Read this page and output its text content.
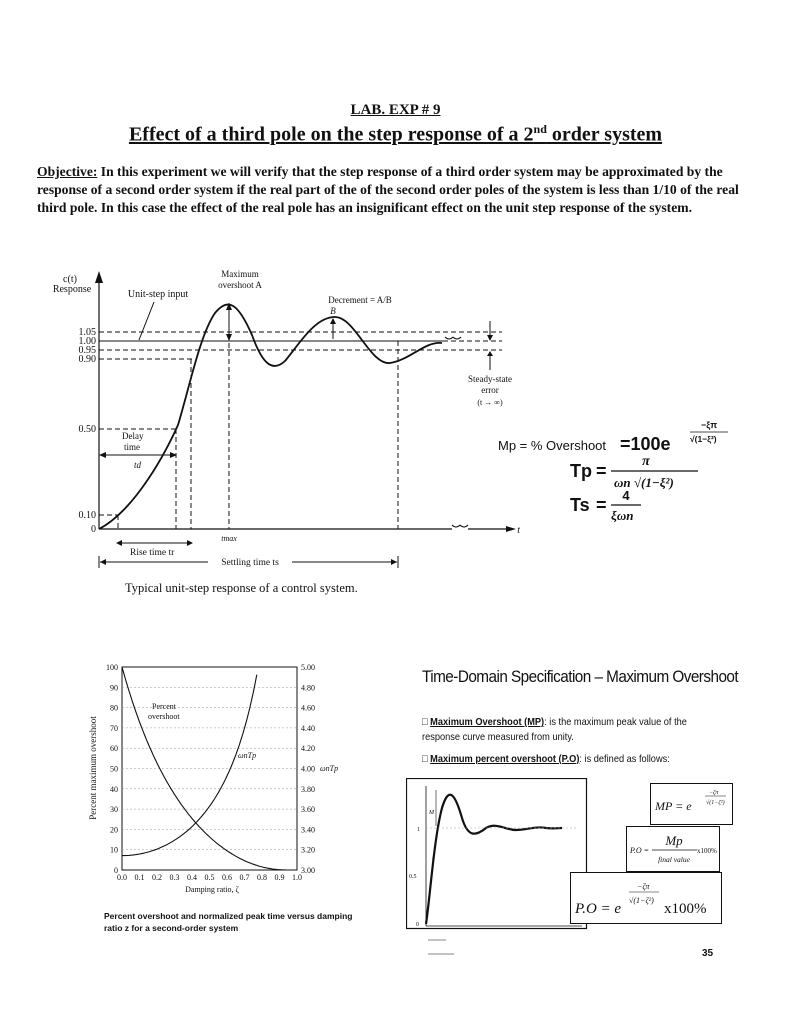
LAB. EXP # 9
Effect of a third pole on the step response of a 2nd order system
Objective: In this experiment we will verify that the step response of a third order system may be approximated by the response of a second order system if the real part of the of the second order poles of the system is less than 1/10 of the real third pole. In this case the effect of the real pole has an insignificant effect on the unit step response of the system.
t
c(t)
Response
1.05
1.00
0.95
0.90
0.50
0.10
0
Steady-state
error
(t → ∞)
Maximum
overshoot A
Decrement = A/B
B
Unit-step input
Delay
time
td
tmax
Rise time tr
Settling time ts
Typical unit-step response of a control system.
Mp = % Overshoot =100e
−ξπ
√(1−ξ²)
Tp =	π
ωn √(1−ξ²)
Ts = 4
ξωn
100
90
80
70
60
50
40
30
20
10
0
5.00
4.80
4.60
4.40
4.20
4.00
3.80
3.60
3.40
3.20
3.00
0.0 0.1 0.2 0.3 0.4 0.5 0.6 0.7 0.8 0.9 1.0
Damping ratio, ζ
Percent maximum overshoot	ωnTp
Percent
overshoot
ωnTp
Percent overshoot and normalized peak time versus damping ratio z for a second-order system
Time-Domain Specification – Maximum Overshoot
□ Maximum Overshoot (MP): is the maximum peak value of the response curve measured from unity.
□ Maximum percent overshoot (P.O): is defined as follows:
M
t
1
0.5
0
MP = e
−ζπ
√(1−ζ²)
P.O =
Mp
final value
x100%
P.O = e
−ζπ
√(1−ζ²)
x100%
35
